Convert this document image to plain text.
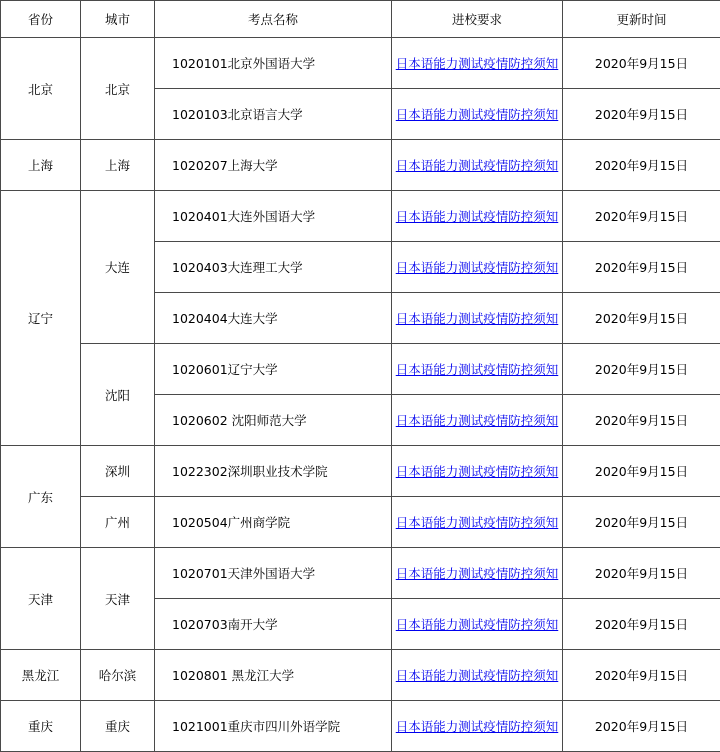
省份	城市	考点名称	进校要求	更新时间
北京	北京	1020101北京外国语大学	日本语能力测试疫情防控须知	2020年9月15日
		1020103北京语言大学	日本语能力测试疫情防控须知	2020年9月15日
上海	上海	1020207上海大学	日本语能力测试疫情防控须知	2020年9月15日
辽宁	大连	1020401大连外国语大学	日本语能力测试疫情防控须知	2020年9月15日
		1020403大连理工大学	日本语能力测试疫情防控须知	2020年9月15日
		1020404大连大学	日本语能力测试疫情防控须知	2020年9月15日
	沈阳	1020601辽宁大学	日本语能力测试疫情防控须知	2020年9月15日
		1020602 沈阳师范大学	日本语能力测试疫情防控须知	2020年9月15日
广东	深圳	1022302深圳职业技术学院	日本语能力测试疫情防控须知	2020年9月15日
	广州	1020504广州商学院	日本语能力测试疫情防控须知	2020年9月15日
天津	天津	1020701天津外国语大学	日本语能力测试疫情防控须知	2020年9月15日
		1020703南开大学	日本语能力测试疫情防控须知	2020年9月15日
黑龙江	哈尔滨	1020801 黑龙江大学	日本语能力测试疫情防控须知	2020年9月15日
重庆	重庆	1021001重庆市四川外语学院	日本语能力测试疫情防控须知	2020年9月15日
